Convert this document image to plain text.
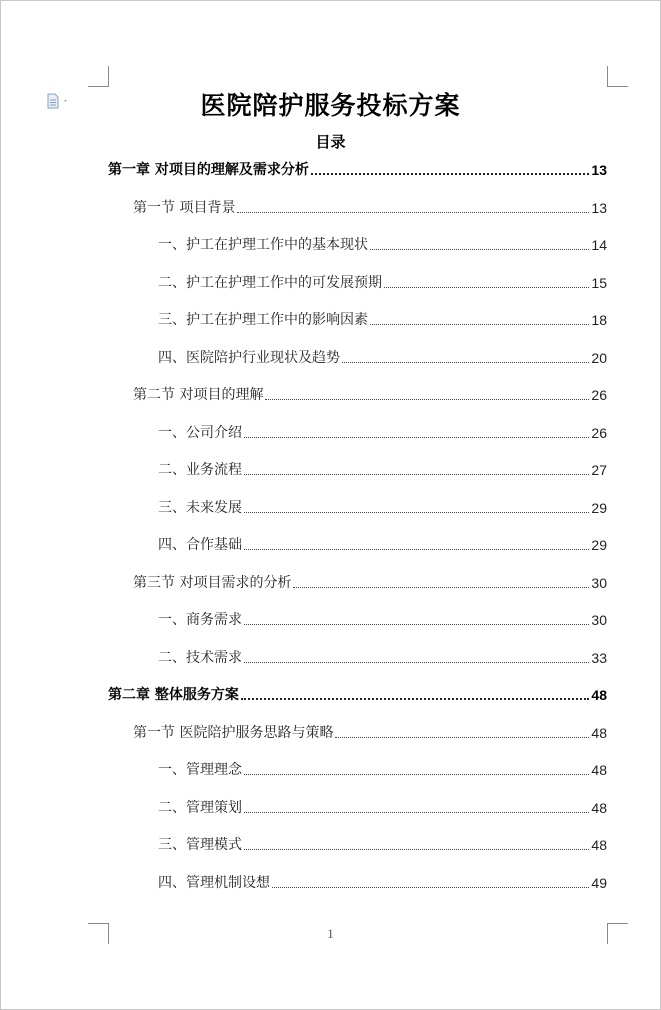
医院陪护服务投标方案
目录
第一章 对项目的理解及需求分析	13
第一节 项目背景	13
一、护工在护理工作中的基本现状	14
二、护工在护理工作中的可发展预期	15
三、护工在护理工作中的影响因素	18
四、医院陪护行业现状及趋势	20
第二节 对项目的理解	26
一、公司介绍	26
二、业务流程	27
三、未来发展	29
四、合作基础	29
第三节 对项目需求的分析	30
一、商务需求	30
二、技术需求	33
第二章 整体服务方案	48
第一节 医院陪护服务思路与策略	48
一、管理理念	48
二、管理策划	48
三、管理模式	48
四、管理机制设想	49
1
